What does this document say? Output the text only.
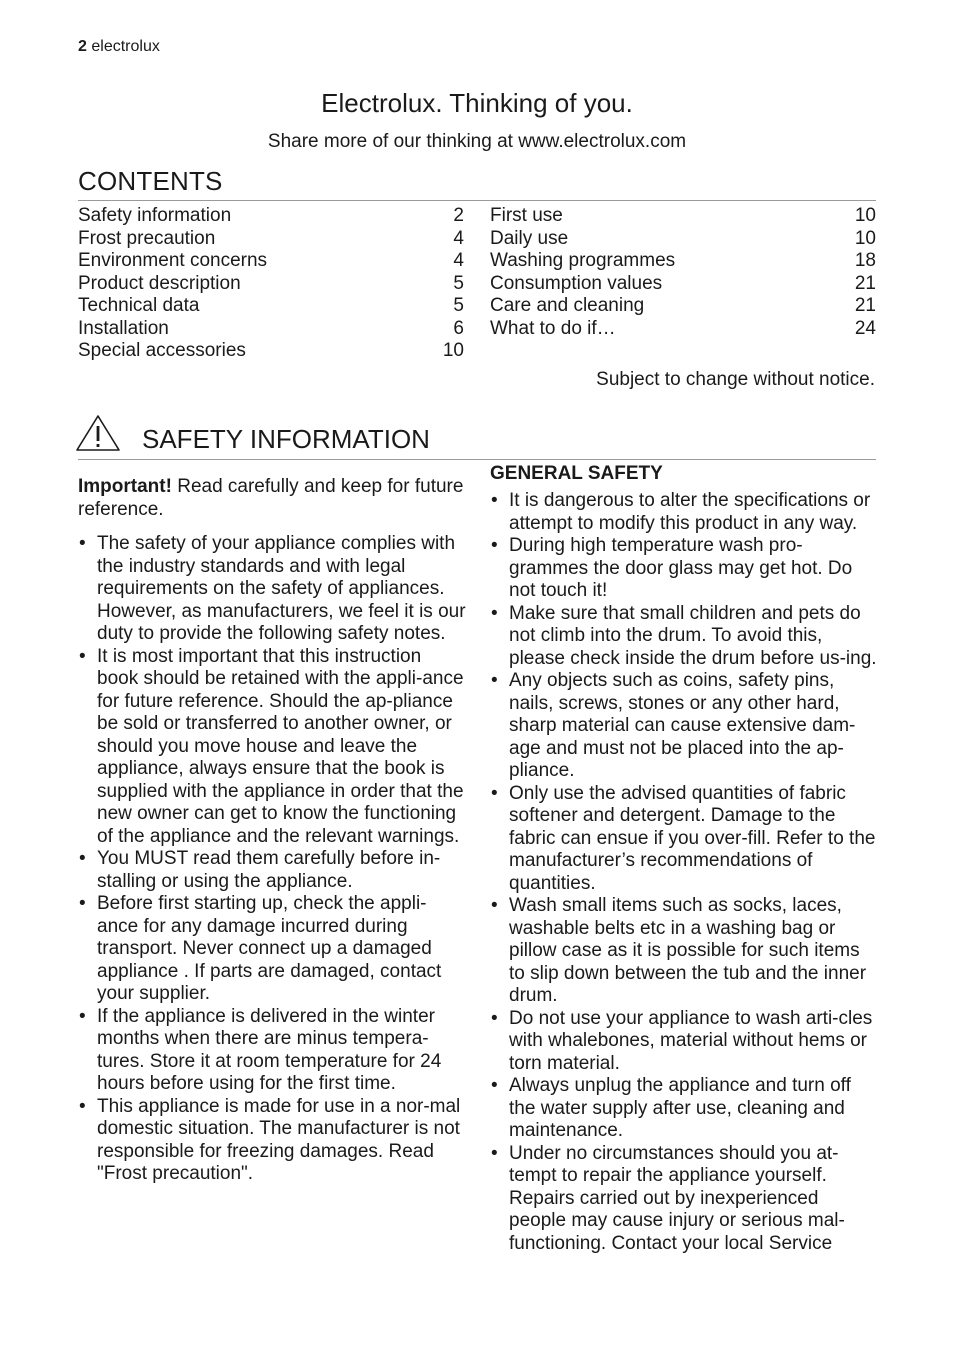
2 electrolux
Electrolux. Thinking of you.
Share more of our thinking at www.electrolux.com
CONTENTS
Safety information	2
Frost precaution	4
Environment concerns	4
Product description	5
Technical data	5
Installation	6
Special accessories	10
First use	10
Daily use	10
Washing programmes	18
Consumption values	21
Care and cleaning	21
What to do if…	24
Subject to change without notice.
SAFETY INFORMATION

Important! Read carefully and keep for future reference.

• The safety of your appliance complies with the industry standards and with legal requirements on the safety of appliances. However, as manufacturers, we feel it is our duty to provide the following safety notes.
• It is most important that this instruction book should be retained with the appli-ance for future reference. Should the ap-pliance be sold or transferred to another owner, or should you move house and leave the appliance, always ensure that the book is supplied with the appliance in order that the new owner can get to know the functioning of the appliance and the relevant warnings.
• You MUST read them carefully before in-stalling or using the appliance.
• Before first starting up, check the appli-ance for any damage incurred during transport. Never connect up a damaged appliance . If parts are damaged, contact your supplier.
• If the appliance is delivered in the winter months when there are minus tempera-tures. Store it at room temperature for 24 hours before using for the first time.
• This appliance is made for use in a nor-mal domestic situation. The manufacturer is not responsible for freezing damages. Read "Frost precaution".
GENERAL SAFETY
• It is dangerous to alter the specifications or attempt to modify this product in any way.
• During high temperature wash pro-grammes the door glass may get hot. Do not touch it!
• Make sure that small children and pets do not climb into the drum. To avoid this, please check inside the drum before us-ing.
• Any objects such as coins, safety pins, nails, screws, stones or any other hard, sharp material can cause extensive dam-age and must not be placed into the ap-pliance.
• Only use the advised quantities of fabric softener and detergent. Damage to the fabric can ensue if you over-fill. Refer to the manufacturer’s recommendations of quantities.
• Wash small items such as socks, laces, washable belts etc in a washing bag or pillow case as it is possible for such items to slip down between the tub and the inner drum.
• Do not use your appliance to wash arti-cles with whalebones, material without hems or torn material.
• Always unplug the appliance and turn off the water supply after use, cleaning and maintenance.
• Under no circumstances should you at-tempt to repair the appliance yourself. Repairs carried out by inexperienced people may cause injury or serious mal-functioning. Contact your local Service
